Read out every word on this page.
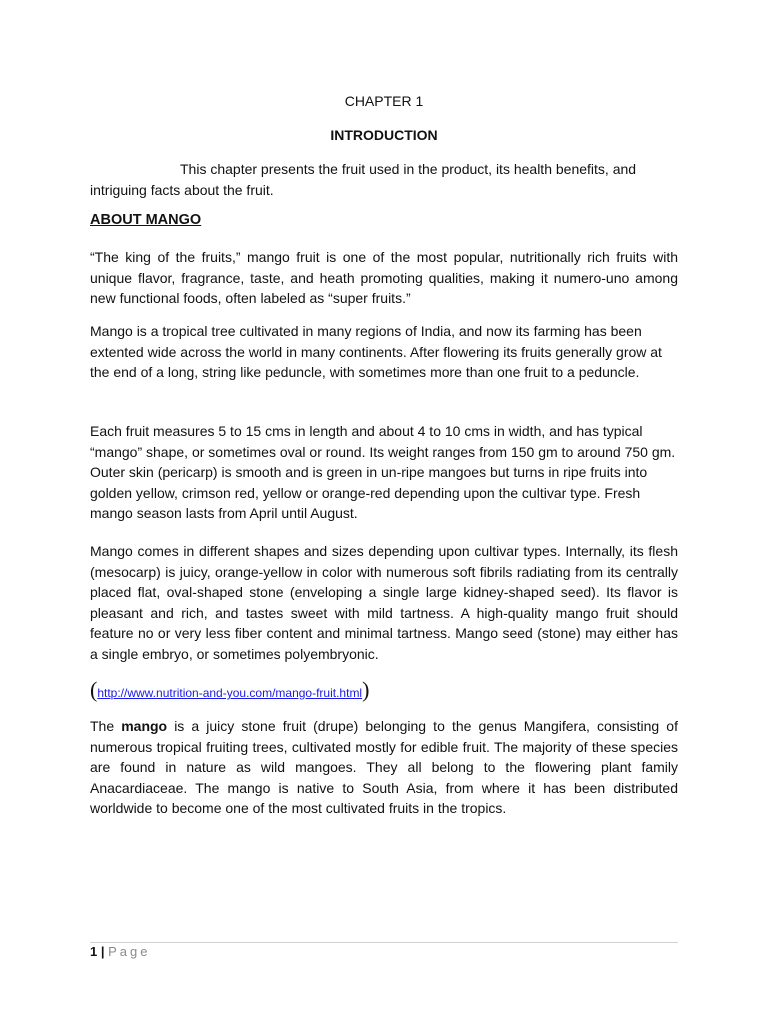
CHAPTER 1
INTRODUCTION

This chapter presents the fruit used in the product, its health benefits, and intriguing facts about the fruit.

ABOUT MANGO

“The king of the fruits,” mango fruit is one of the most popular, nutritionally rich fruits with unique flavor, fragrance, taste, and heath promoting qualities, making it numero-uno among new functional foods, often labeled as “super fruits.”

Mango is a tropical tree cultivated in many regions of India, and now its farming has been extented wide across the world in many continents. After flowering its fruits generally grow at the end of a long, string like peduncle, with sometimes more than one fruit to a peduncle.

Each fruit measures 5 to 15 cms in length and about 4 to 10 cms in width, and has typical “mango” shape, or sometimes oval or round. Its weight ranges from 150 gm to around 750 gm. Outer skin (pericarp) is smooth and is green in un-ripe mangoes but turns in ripe fruits into golden yellow, crimson red, yellow or orange-red depending upon the cultivar type. Fresh mango season lasts from April until August.

Mango comes in different shapes and sizes depending upon cultivar types. Internally, its flesh (mesocarp) is juicy, orange-yellow in color with numerous soft fibrils radiating from its centrally placed flat, oval-shaped stone (enveloping a single large kidney-shaped seed). Its flavor is pleasant and rich, and tastes sweet with mild tartness. A high-quality mango fruit should feature no or very less fiber content and minimal tartness. Mango seed (stone) may either has a single embryo, or sometimes polyembryonic.

(http://www.nutrition-and-you.com/mango-fruit.html)

The mango is a juicy stone fruit (drupe) belonging to the genus Mangifera, consisting of numerous tropical fruiting trees, cultivated mostly for edible fruit. The majority of these species are found in nature as wild mangoes. They all belong to the flowering plant family Anacardiaceae. The mango is native to South Asia, from where it has been distributed worldwide to become one of the most cultivated fruits in the tropics.

1 | Page
